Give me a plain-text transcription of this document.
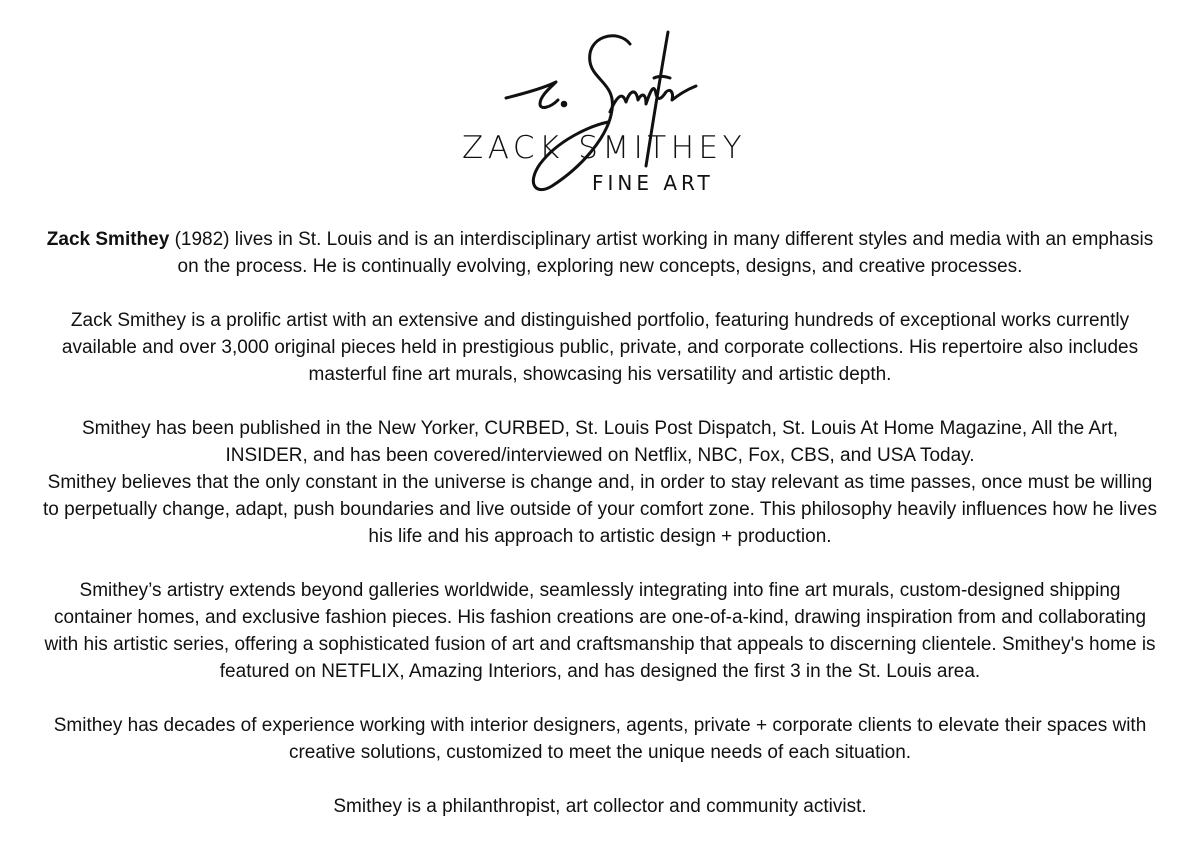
ZACK SMITHEY
FINE ART

Zack Smithey (1982) lives in St. Louis and is an interdisciplinary artist working in many different styles and media with an emphasis on the process. He is continually evolving, exploring new concepts, designs, and creative processes.

Zack Smithey is a prolific artist with an extensive and distinguished portfolio, featuring hundreds of exceptional works currently available and over 3,000 original pieces held in prestigious public, private, and corporate collections. His repertoire also includes masterful fine art murals, showcasing his versatility and artistic depth.

Smithey has been published in the New Yorker, CURBED, St. Louis Post Dispatch, St. Louis At Home Magazine, All the Art, INSIDER, and has been covered/interviewed on Netflix, NBC, Fox, CBS, and USA Today.

Smithey believes that the only constant in the universe is change and, in order to stay relevant as time passes, once must be willing to perpetually change, adapt, push boundaries and live outside of your comfort zone. This philosophy heavily influences how he lives his life and his approach to artistic design + production.

Smithey’s artistry extends beyond galleries worldwide, seamlessly integrating into fine art murals, custom-designed shipping container homes, and exclusive fashion pieces. His fashion creations are one-of-a-kind, drawing inspiration from and collaborating with his artistic series, offering a sophisticated fusion of art and craftsmanship that appeals to discerning clientele. Smithey's home is featured on NETFLIX, Amazing Interiors, and has designed the first 3 in the St. Louis area.

Smithey has decades of experience working with interior designers, agents, private + corporate clients to elevate their spaces with creative solutions, customized to meet the unique needs of each situation.

Smithey is a philanthropist, art collector and community activist.
